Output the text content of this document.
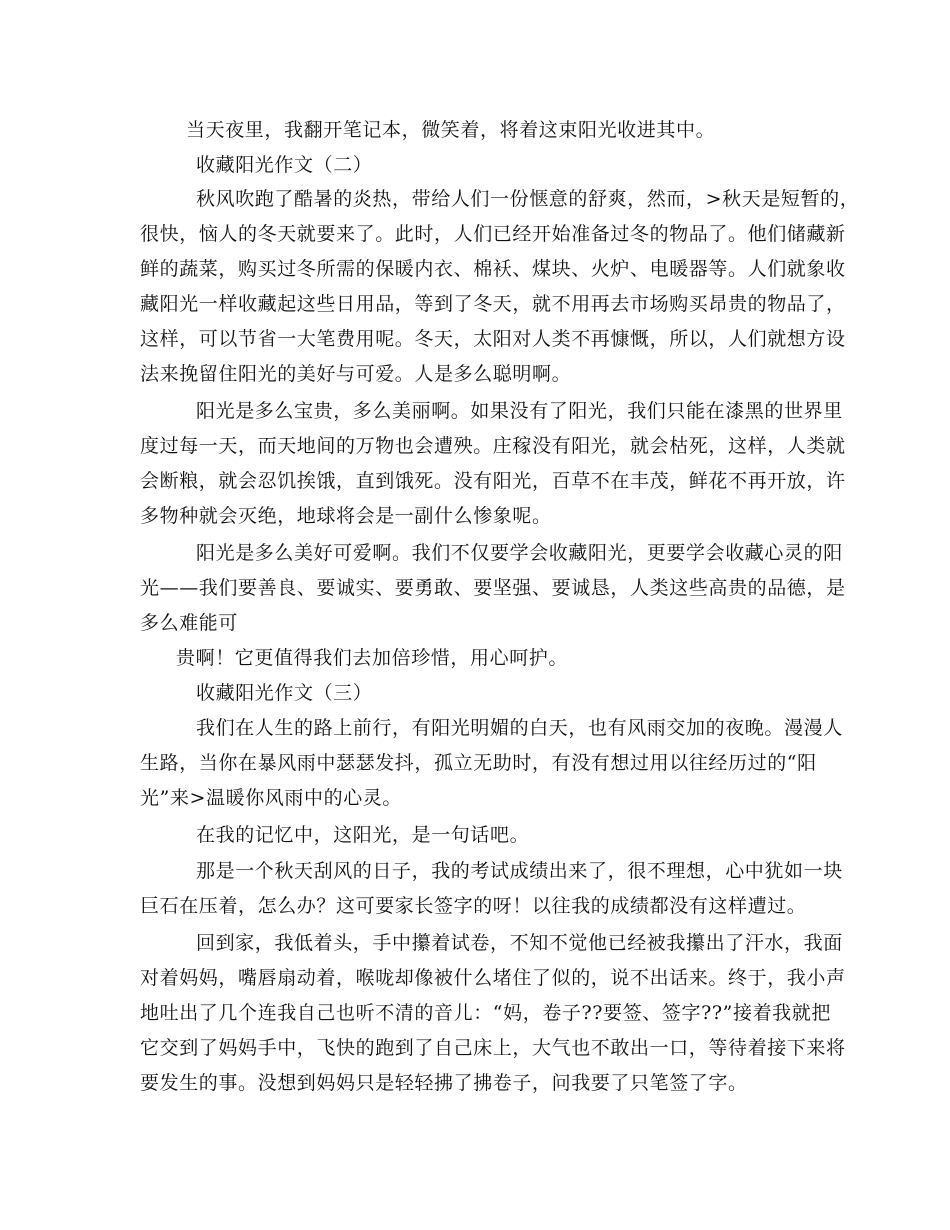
当天夜里，我翻开笔记本，微笑着，将着这束阳光收进其中。
收藏阳光作文（二）
秋风吹跑了酷暑的炎热，带给人们一份惬意的舒爽，然而，>秋天是短暂的，
很快，恼人的冬天就要来了。此时，人们已经开始准备过冬的物品了。他们储藏新
鲜的蔬菜，购买过冬所需的保暖内衣、棉袄、煤块、火炉、电暖器等。人们就象收
藏阳光一样收藏起这些日用品，等到了冬天，就不用再去市场购买昂贵的物品了，
这样，可以节省一大笔费用呢。冬天，太阳对人类不再慷慨，所以，人们就想方设
法来挽留住阳光的美好与可爱。人是多么聪明啊。
阳光是多么宝贵，多么美丽啊。如果没有了阳光，我们只能在漆黑的世界里
度过每一天，而天地间的万物也会遭殃。庄稼没有阳光，就会枯死，这样，人类就
会断粮，就会忍饥挨饿，直到饿死。没有阳光，百草不在丰茂，鲜花不再开放，许
多物种就会灭绝，地球将会是一副什么惨象呢。
阳光是多么美好可爱啊。我们不仅要学会收藏阳光，更要学会收藏心灵的阳
光——我们要善良、要诚实、要勇敢、要坚强、要诚恳，人类这些高贵的品德，是
多么难能可
贵啊！它更值得我们去加倍珍惜，用心呵护。
收藏阳光作文（三）
我们在人生的路上前行，有阳光明媚的白天，也有风雨交加的夜晚。漫漫人
生路，当你在暴风雨中瑟瑟发抖，孤立无助时，有没有想过用以往经历过的“阳
光”来>温暖你风雨中的心灵。
在我的记忆中，这阳光，是一句话吧。
那是一个秋天刮风的日子，我的考试成绩出来了，很不理想，心中犹如一块
巨石在压着，怎么办？这可要家长签字的呀！以往我的成绩都没有这样遭过。
回到家，我低着头，手中攥着试卷，不知不觉他已经被我攥出了汗水，我面
对着妈妈，嘴唇扇动着，喉咙却像被什么堵住了似的，说不出话来。终于，我小声
地吐出了几个连我自己也听不清的音儿：“妈，卷子??要签、签字??”接着我就把
它交到了妈妈手中，飞快的跑到了自己床上，大气也不敢出一口，等待着接下来将
要发生的事。没想到妈妈只是轻轻拂了拂卷子，问我要了只笔签了字。
